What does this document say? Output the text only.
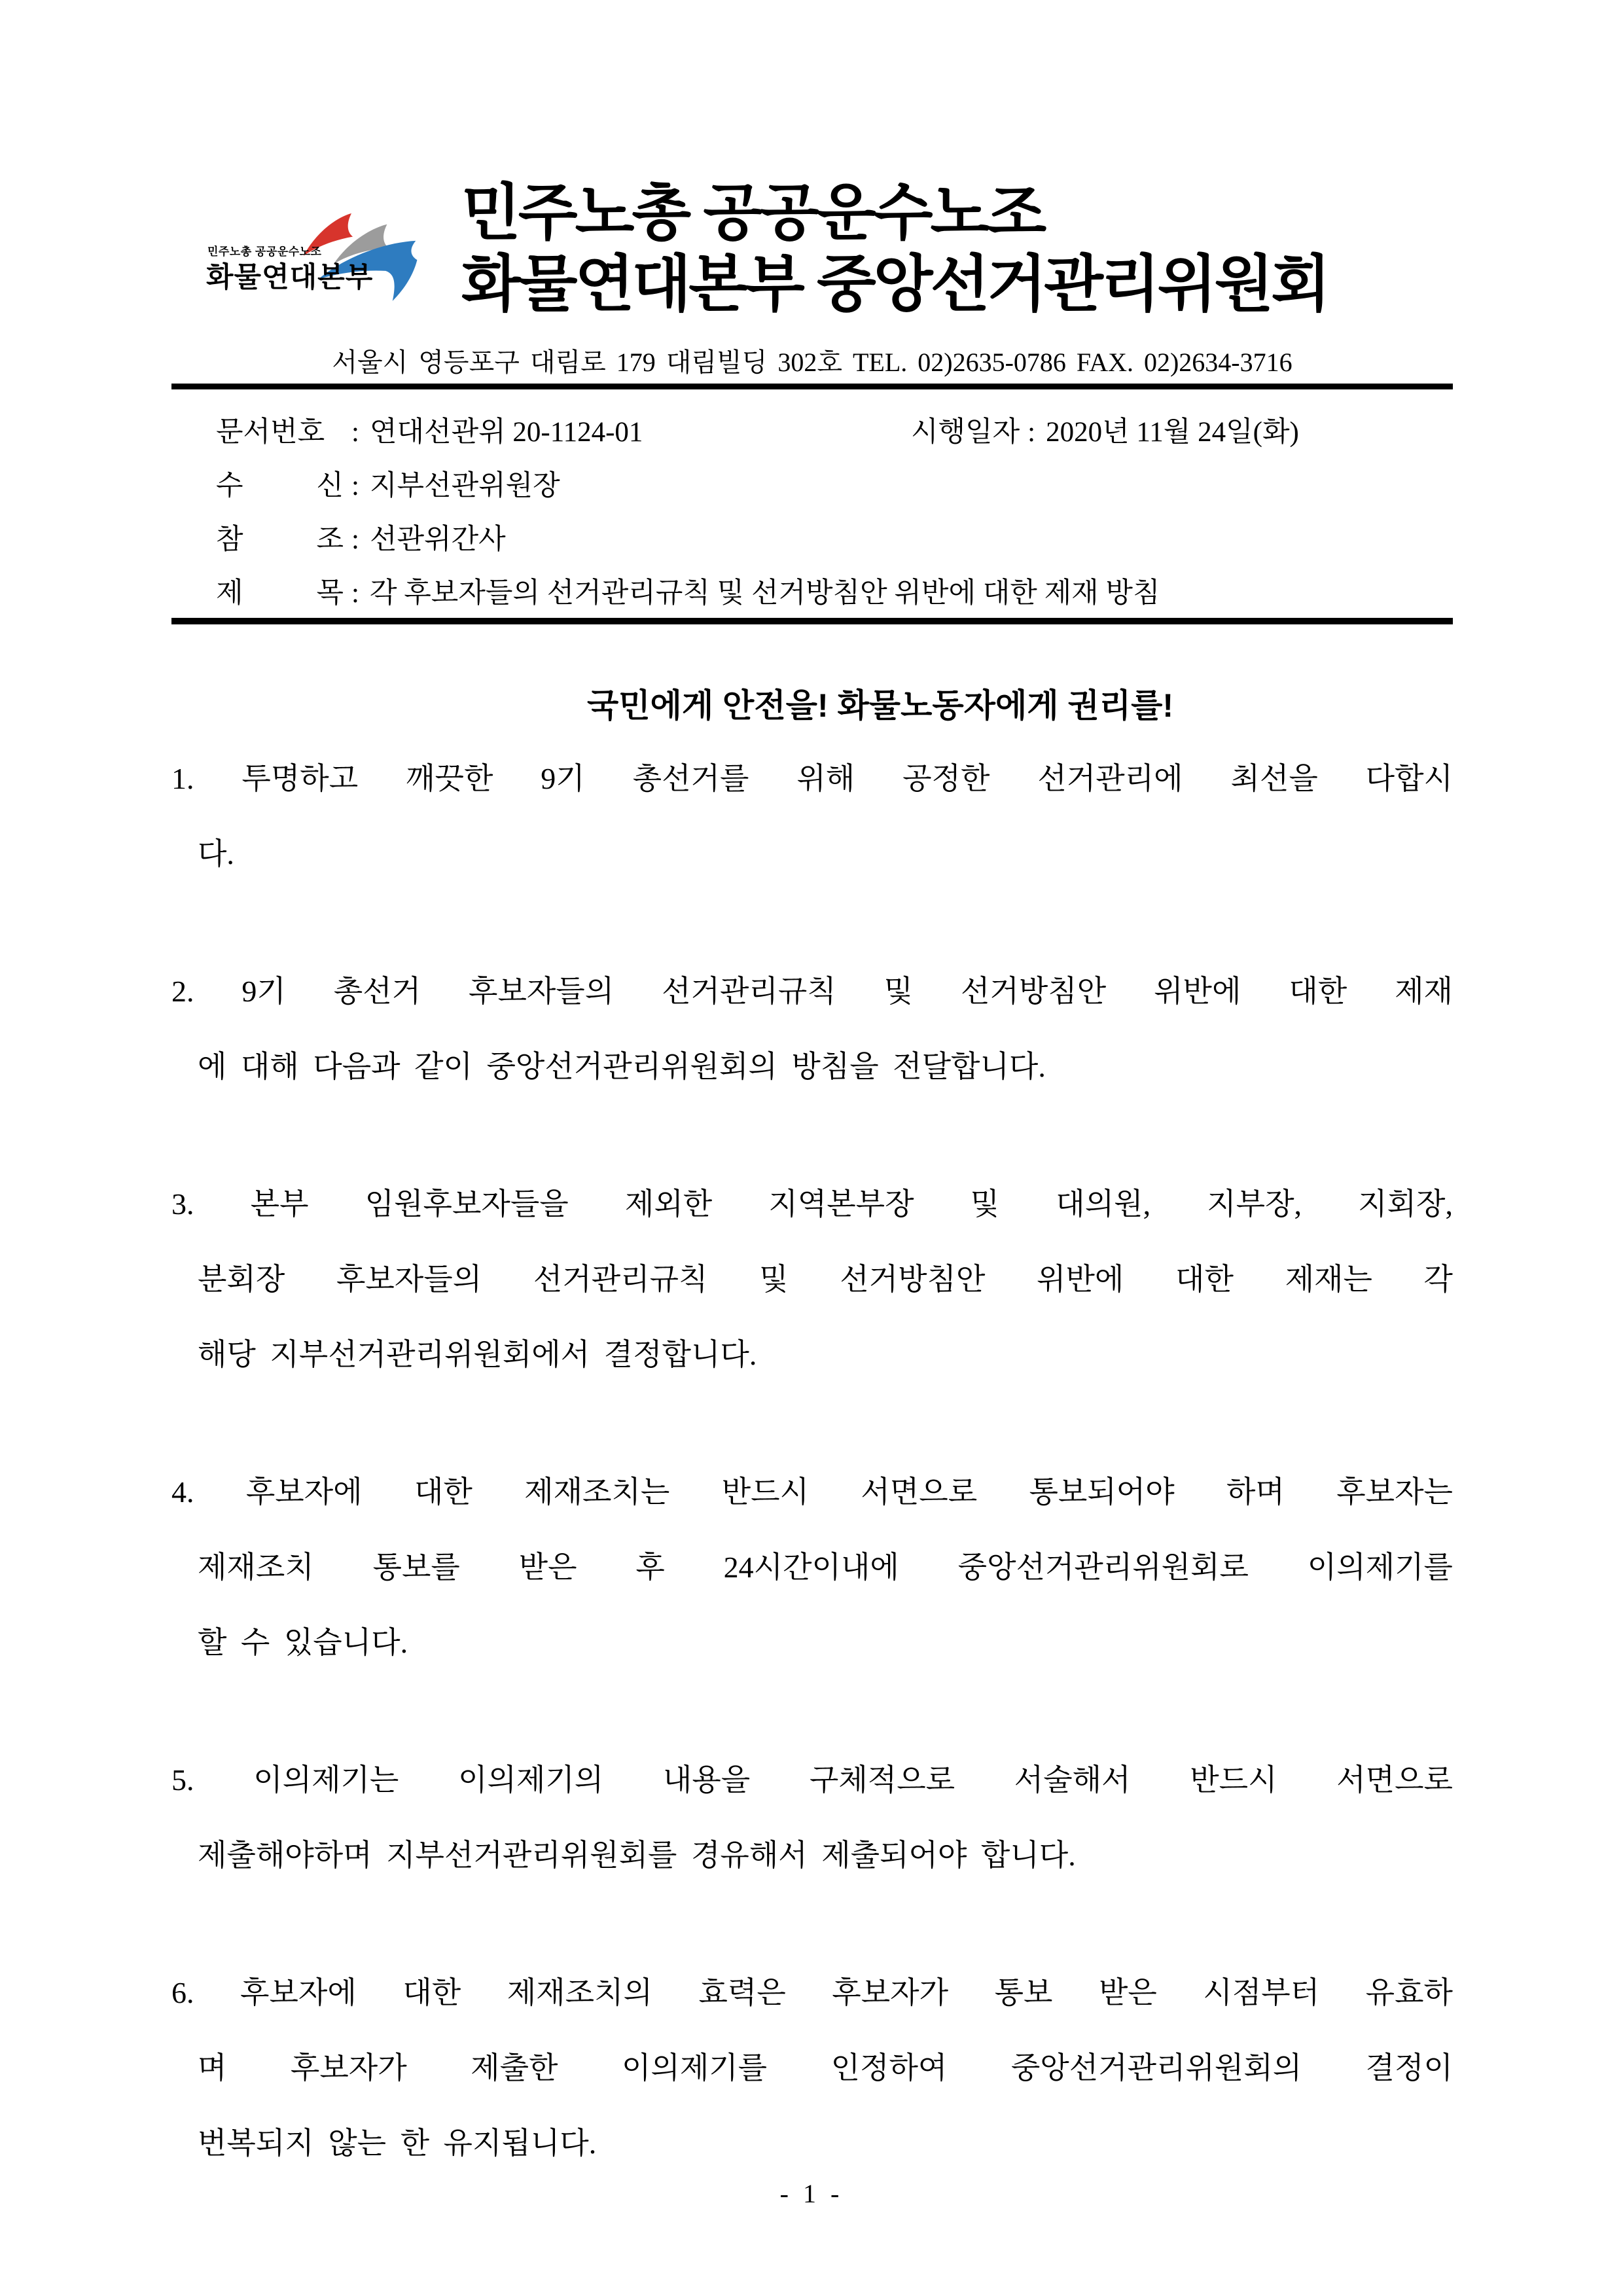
민주노총 공공운수노조
화물연대본부
민주노총 공공운수노조
화물연대본부 중앙선거관리위원회
서울시 영등포구 대림로 179 대림빌딩 302호 TEL. 02)2635-0786 FAX. 02)2634-3716
문서번호 : 연대선관위 20-1124-01	시행일자 : 2020년 11월 24일(화)
수 신 : 지부선관위원장
참 조 : 선관위간사
제 목 : 각 후보자들의 선거관리규칙 및 선거방침안 위반에 대한 제재 방침
국민에게 안전을! 화물노동자에게 권리를!
1. 투명하고 깨끗한 9기 총선거를 위해 공정한 선거관리에 최선을 다합시
다.
2. 9기 총선거 후보자들의 선거관리규칙 및 선거방침안 위반에 대한 제재
에 대해 다음과 같이 중앙선거관리위원회의 방침을 전달합니다.
3. 본부 임원후보자들을 제외한 지역본부장 및 대의원, 지부장, 지회장,
분회장 후보자들의 선거관리규칙 및 선거방침안 위반에 대한 제재는 각
해당 지부선거관리위원회에서 결정합니다.
4. 후보자에 대한 제재조치는 반드시 서면으로 통보되어야 하며 후보자는
제재조치 통보를 받은 후 24시간이내에 중앙선거관리위원회로 이의제기를
할 수 있습니다.
5. 이의제기는 이의제기의 내용을 구체적으로 서술해서 반드시 서면으로
제출해야하며 지부선거관리위원회를 경유해서 제출되어야 합니다.
6. 후보자에 대한 제재조치의 효력은 후보자가 통보 받은 시점부터 유효하
며 후보자가 제출한 이의제기를 인정하여 중앙선거관리위원회의 결정이
번복되지 않는 한 유지됩니다.
- 1 -
